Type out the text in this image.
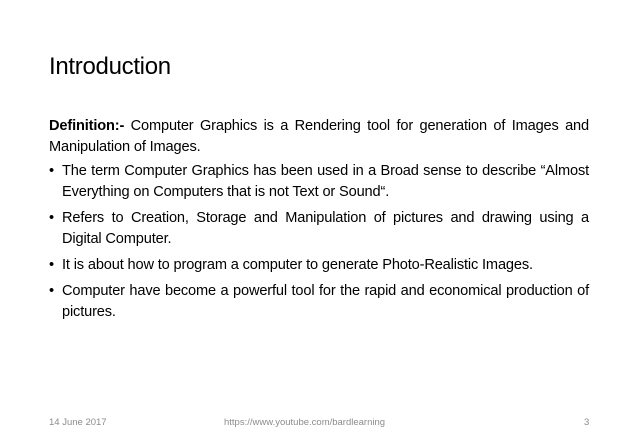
Introduction

Definition:- Computer Graphics is a Rendering tool for generation of Images and Manipulation of Images.

• The term Computer Graphics has been used in a Broad sense to describe “Almost Everything on Computers that is not Text or Sound“.
• Refers to Creation, Storage and Manipulation of pictures and drawing using a Digital Computer.
• It is about how to program a computer to generate Photo-Realistic Images.
• Computer have become a powerful tool for the rapid and economical production of pictures.
14 June 2017	https://www.youtube.com/bardlearning	3
